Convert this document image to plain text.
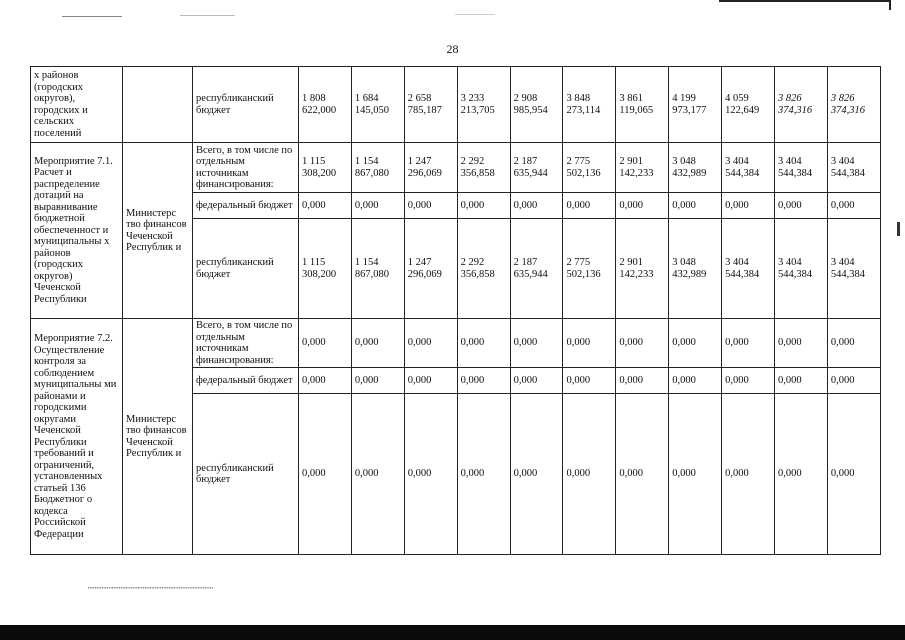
28
х районов (городских округов), городских и сельских поселений		республиканский бюджет	1 808 622,000	1 684 145,050	2 658 785,187	3 233 213,705	2 908 985,954	3 848 273,114	3 861 119,065	4 199 973,177	4 059 122,649	3 826 374,316	3 826 374,316
Мероприятие 7.1. Расчет и распределение дотаций на выравнивание бюджетной обеспеченност и муниципальны х районов (городских округов) Чеченской Республики	Министерс тво финансов Чеченской Республик и	Всего, в том числе по отдельным источникам финансирования:	1 115 308,200	1 154 867,080	1 247 296,069	2 292 356,858	2 187 635,944	2 775 502,136	2 901 142,233	3 048 432,989	3 404 544,384	3 404 544,384	3 404 544,384
		федеральный бюджет	0,000	0,000	0,000	0,000	0,000	0,000	0,000	0,000	0,000	0,000	0,000
		республиканский бюджет	1 115 308,200	1 154 867,080	1 247 296,069	2 292 356,858	2 187 635,944	2 775 502,136	2 901 142,233	3 048 432,989	3 404 544,384	3 404 544,384	3 404 544,384
Мероприятие 7.2. Осуществление контроля за соблюдением муниципальны ми районами и городскими округами Чеченской Республики требований и ограничений, установленных статьей 136 Бюджетног о кодекса Российской Федерации	Министерс тво финансов Чеченской Республик и	Всего, в том числе по отдельным источникам финансирования:	0,000	0,000	0,000	0,000	0,000	0,000	0,000	0,000	0,000	0,000	0,000
		федеральный бюджет	0,000	0,000	0,000	0,000	0,000	0,000	0,000	0,000	0,000	0,000	0,000
		республиканский бюджет	0,000	0,000	0,000	0,000	0,000	0,000	0,000	0,000	0,000	0,000	0,000
▪▪▪▪▪▪▪▪▪▪▪▪▪▪▪▪▪▪▪▪▪▪▪▪▪▪▪▪▪▪▪▪▪▪▪▪▪▪▪▪▪▪▪▪▪▪▪▪▪▪▪▪▪▪▪▪▪▪▪▪▪▪▪▪▪▪▪▪▪▪▪▪▪
